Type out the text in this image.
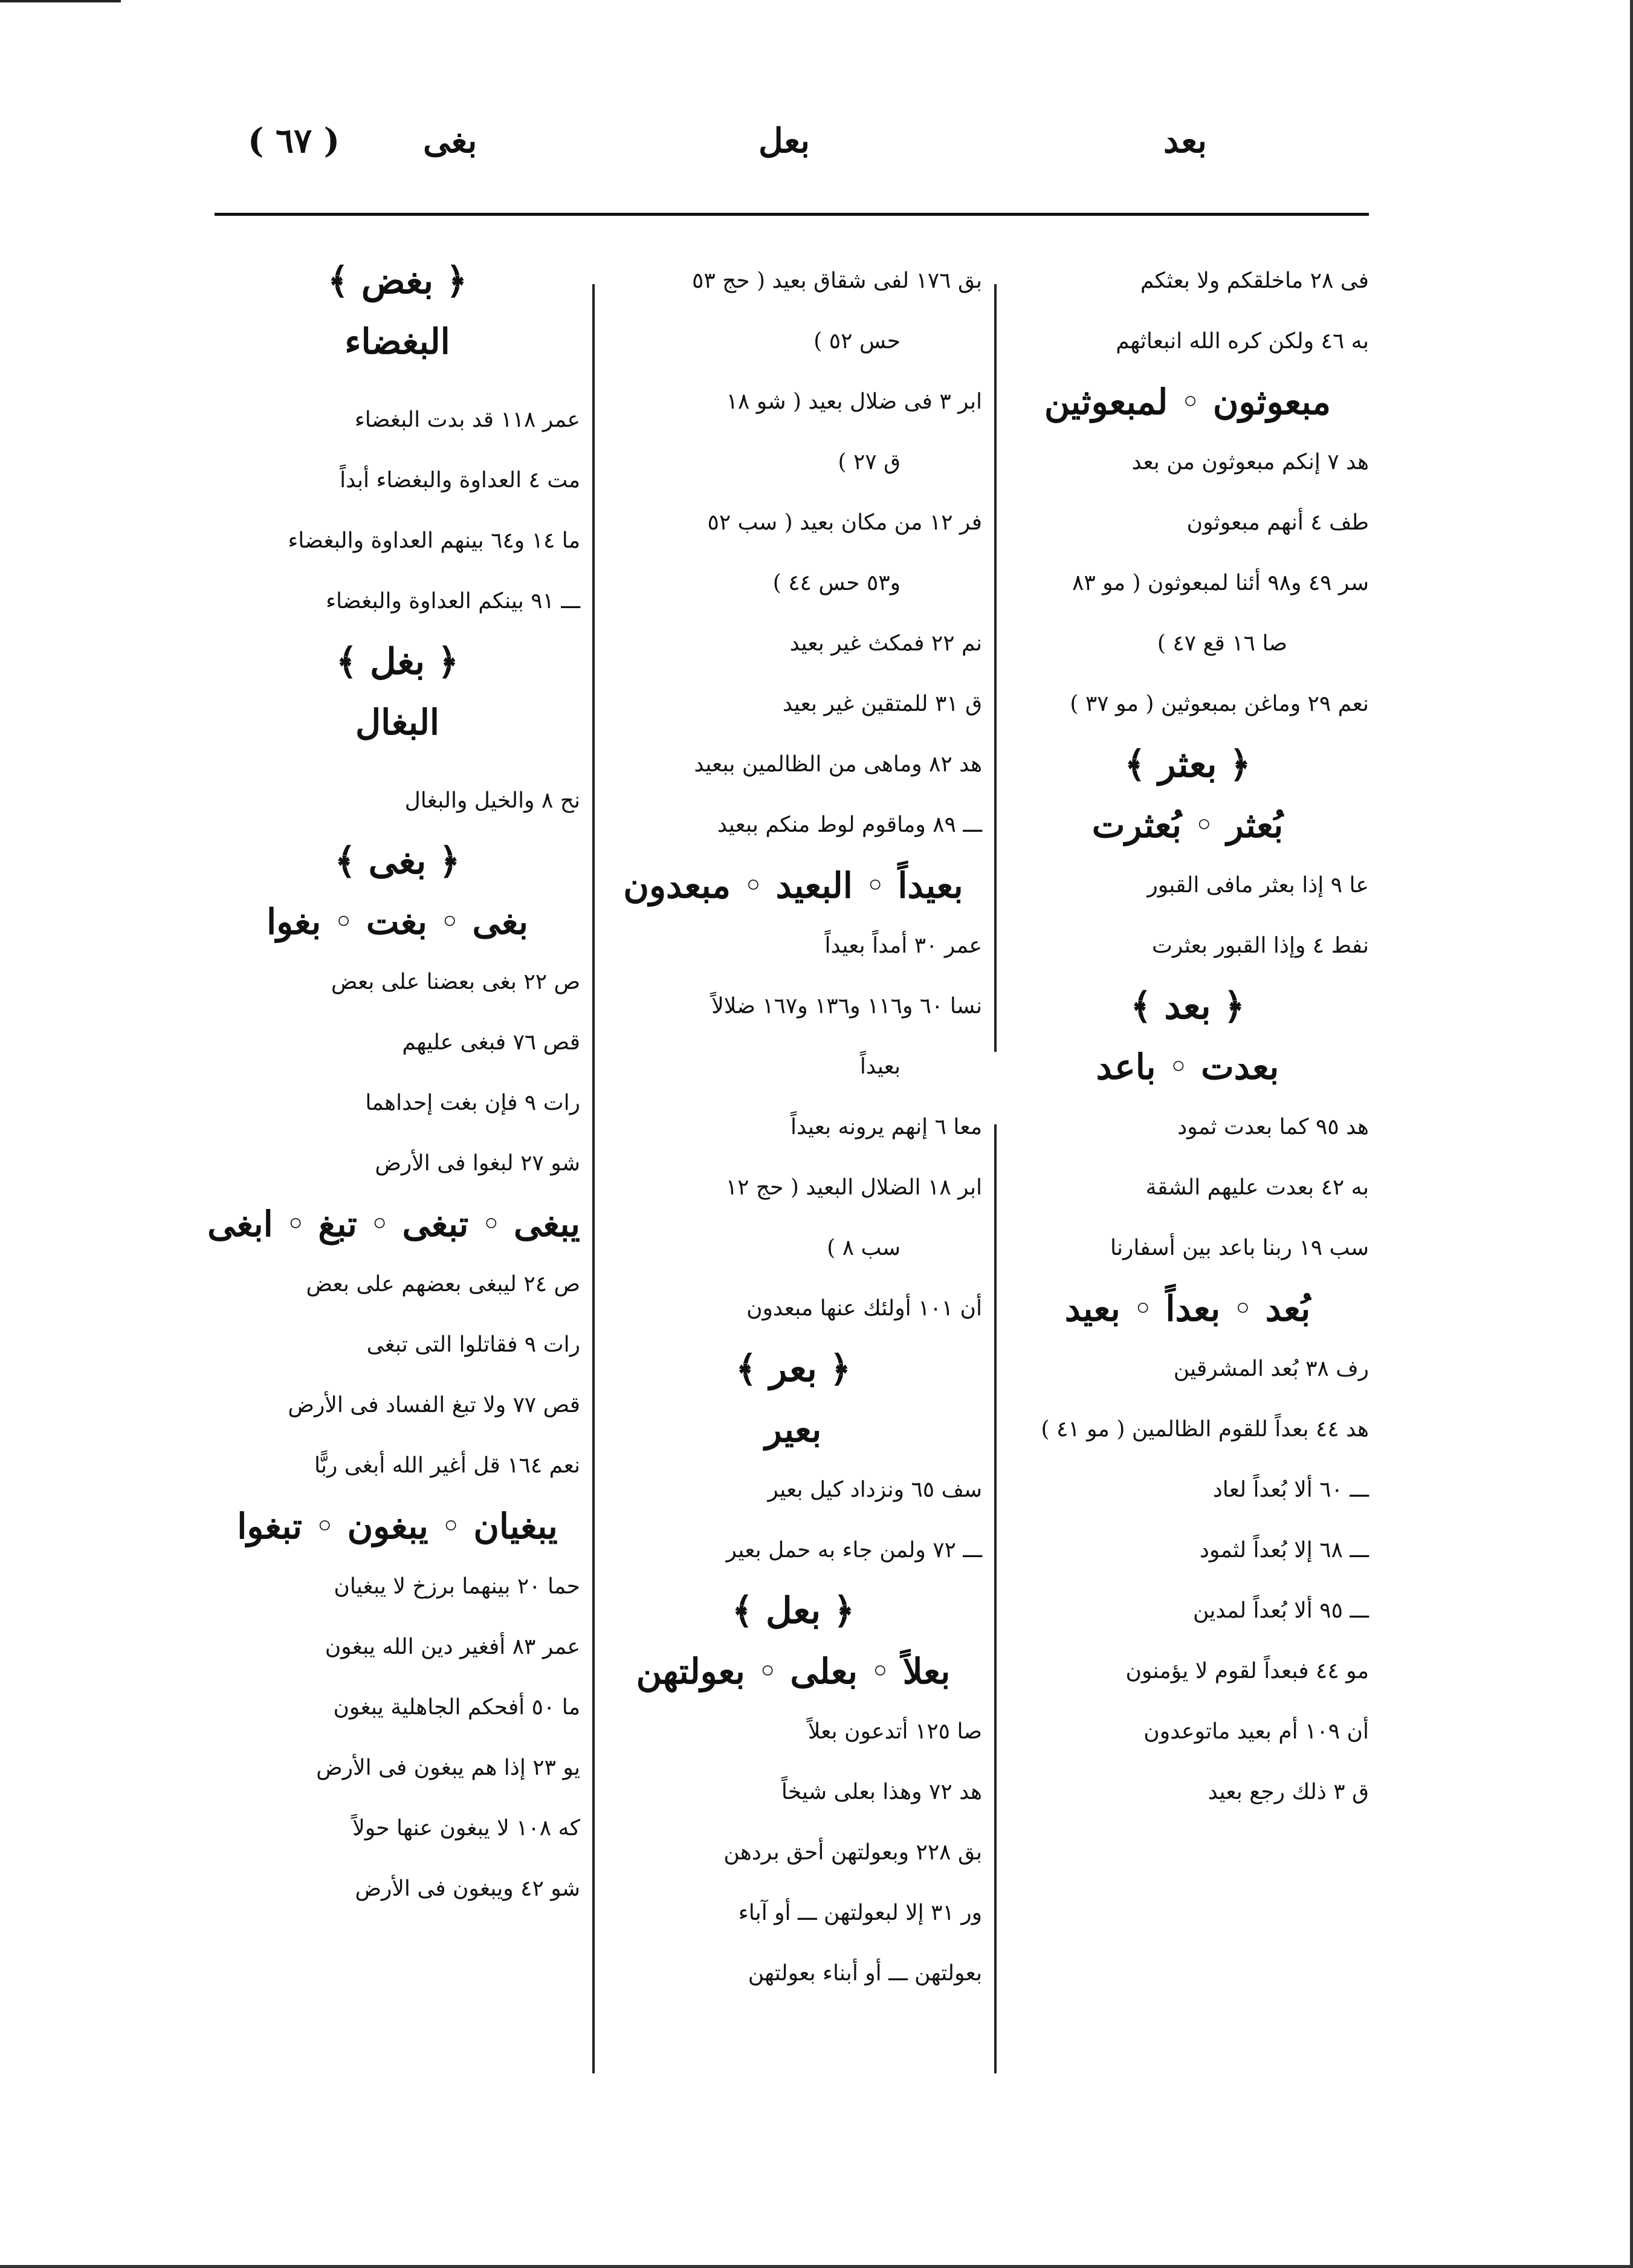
( ٦٧ ) بغى	بعل	بعد
فى ٢٨ ماخلقكم ولا بعثكم
به ٤٦ ولكن كره الله انبعاثهم
مبعوثون ◦ لمبعوثين
هد ٧ إنكم مبعوثون من بعد
طف ٤ أنهم مبعوثون
سر ٤٩ و٩٨ أئنا لمبعوثون ( مو ٨٣
صا ١٦ قع ٤٧ )
نعم ٢٩ وماغن بمبعوثين ( مو ٣٧ )
﴿ بعثر ﴾
بُعثر ◦ بُعثرت
عا ٩ إذا بعثر مافى القبور
نفط ٤ وإذا القبور بعثرت
﴿ بعد ﴾
بعدت ◦ باعد
هد ٩٥ كما بعدت ثمود
به ٤٢ بعدت عليهم الشقة
سب ١٩ ربنا باعد بين أسفارنا
بُعد ◦ بعداً ◦ بعيد
رف ٣٨ بُعد المشرقين
هد ٤٤ بعداً للقوم الظالمين ( مو ٤١ )
ـــ ٦٠ ألا بُعداً لعاد
ـــ ٦٨ إلا بُعداً لثمود
ـــ ٩٥ ألا بُعداً لمدين
مو ٤٤ فبعداً لقوم لا يؤمنون
أن ١٠٩ أم بعيد ماتوعدون
ق ٣ ذلك رجع بعيد
بق ١٧٦ لفى شقاق بعيد ( حج ٥٣
حس ٥٢ )
ابر ٣ فى ضلال بعيد ( شو ١٨
ق ٢٧ )
فر ١٢ من مكان بعيد ( سب ٥٢
و٥٣ حس ٤٤ )
نم ٢٢ فمكث غير بعيد
ق ٣١ للمتقين غير بعيد
هد ٨٢ وماهى من الظالمين ببعيد
ـــ ٨٩ وماقوم لوط منكم ببعيد
بعيداً ◦ البعيد ◦ مبعدون
عمر ٣٠ أمداً بعيداً
نسا ٦٠ و١١٦ و١٣٦ و١٦٧ ضلالاً
بعيداً
معا ٦ إنهم يرونه بعيداً
ابر ١٨ الضلال البعيد ( حج ١٢
سب ٨ )
أن ١٠١ أولئك عنها مبعدون
﴿ بعر ﴾
بعير
سف ٦٥ ونزداد كيل بعير
ـــ ٧٢ ولمن جاء به حمل بعير
﴿ بعل ﴾
بعلاً ◦ بعلى ◦ بعولتهن
صا ١٢٥ أتدعون بعلاً
هد ٧٢ وهذا بعلى شيخاً
بق ٢٢٨ وبعولتهن أحق بردهن
ور ٣١ إلا لبعولتهن ـــ أو آباء
بعولتهن ـــ أو أبناء بعولتهن
﴿ بغض ﴾
البغضاء
عمر ١١٨ قد بدت البغضاء
مت ٤ العداوة والبغضاء أبداً
ما ١٤ و٦٤ بينهم العداوة والبغضاء
ـــ ٩١ بينكم العداوة والبغضاء
﴿ بغل ﴾
البغال
نح ٨ والخيل والبغال
﴿ بغى ﴾
بغى ◦ بغت ◦ بغوا
ص ٢٢ بغى بعضنا على بعض
قص ٧٦ فبغى عليهم
رات ٩ فإن بغت إحداهما
شو ٢٧ لبغوا فى الأرض
يبغى ◦ تبغى ◦ تبغ ◦ ابغى
ص ٢٤ ليبغى بعضهم على بعض
رات ٩ فقاتلوا التى تبغى
قص ٧٧ ولا تبغ الفساد فى الأرض
نعم ١٦٤ قل أغير الله أبغى ربًّا
يبغيان ◦ يبغون ◦ تبغوا
حما ٢٠ بينهما برزخ لا يبغيان
عمر ٨٣ أفغير دين الله يبغون
ما ٥٠ أفحكم الجاهلية يبغون
يو ٢٣ إذا هم يبغون فى الأرض
كه ١٠٨ لا يبغون عنها حولاً
شو ٤٢ ويبغون فى الأرض
